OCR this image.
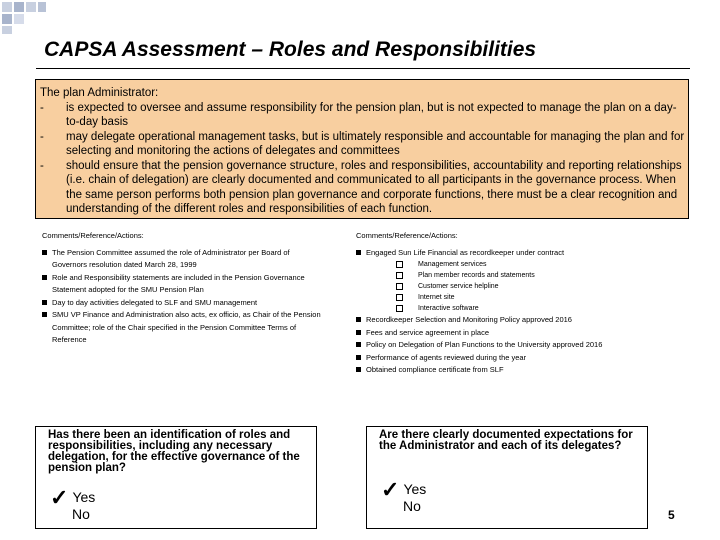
CAPSA Assessment – Roles and Responsibilities
The plan Administrator:
- is expected to oversee and assume responsibility for the pension plan, but is not expected to manage the plan on a day-to-day basis
- may delegate operational management tasks, but is ultimately responsible and accountable for managing the plan and for selecting and monitoring the actions of delegates and committees
- should ensure that the pension governance structure, roles and responsibilities, accountability and reporting relationships (i.e. chain of delegation) are clearly documented and communicated to all participants in the governance process. When the same person performs both pension plan governance and corporate functions, there must be a clear recognition and understanding of the different roles and responsibilities of each function.
Comments/Reference/Actions:
The Pension Committee assumed the role of Administrator per Board of Governors resolution dated March 28, 1999
Role and Responsibility statements are included in the Pension Governance Statement adopted for the SMU Pension Plan
Day to day activities delegated to SLF and SMU management
SMU VP Finance and Administration also acts, ex officio, as Chair of the Pension Committee; role of the Chair specified in the Pension Committee Terms of Reference
Comments/Reference/Actions:
Engaged Sun Life Financial as recordkeeper under contract
Management services
Plan member records and statements
Customer service helpline
Internet site
Interactive software
Recordkeeper Selection and Monitoring Policy approved 2016
Fees and service agreement in place
Policy on Delegation of Plan Functions to the University approved 2016
Performance of agents reviewed during the year
Obtained compliance certificate from SLF
Has there been an identification of roles and responsibilities, including any necessary delegation, for the effective governance of the pension plan?
✓ Yes
No
Are there clearly documented expectations for the Administrator and each of its delegates?
✓ Yes
No
5
